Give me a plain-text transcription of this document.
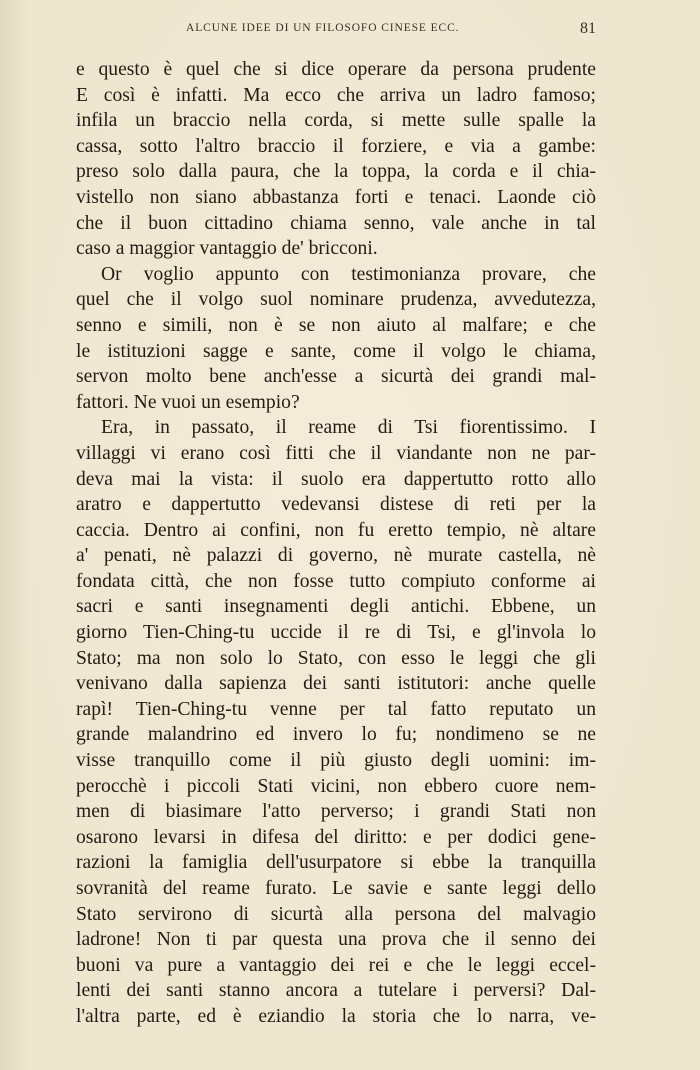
ALCUNE IDEE DI UN FILOSOFO CINESE ECC.	81
e questo è quel che si dice operare da persona prudente
E così è infatti. Ma ecco che arriva un ladro famoso;
infila un braccio nella corda, si mette sulle spalle la
cassa, sotto l'altro braccio il forziere, e via a gambe:
preso solo dalla paura, che la toppa, la corda e il chia-
vistello non siano abbastanza forti e tenaci. Laonde ciò
che il buon cittadino chiama senno, vale anche in tal
caso a maggior vantaggio de' bricconi.
Or voglio appunto con testimonianza provare, che
quel che il volgo suol nominare prudenza, avvedutezza,
senno e simili, non è se non aiuto al malfare; e che
le istituzioni sagge e sante, come il volgo le chiama,
servon molto bene anch'esse a sicurtà dei grandi mal-
fattori. Ne vuoi un esempio?
Era, in passato, il reame di Tsi fiorentissimo. I
villaggi vi erano così fitti che il viandante non ne par-
deva mai la vista: il suolo era dappertutto rotto allo
aratro e dappertutto vedevansi distese di reti per la
caccia. Dentro ai confini, non fu eretto tempio, nè altare
a' penati, nè palazzi di governo, nè murate castella, nè
fondata città, che non fosse tutto compiuto conforme ai
sacri e santi insegnamenti degli antichi. Ebbene, un
giorno Tien-Ching-tu uccide il re di Tsi, e gl'invola lo
Stato; ma non solo lo Stato, con esso le leggi che gli
venivano dalla sapienza dei santi istitutori: anche quelle
rapì! Tien-Ching-tu venne per tal fatto reputato un
grande malandrino ed invero lo fu; nondimeno se ne
visse tranquillo come il più giusto degli uomini: im-
perocchè i piccoli Stati vicini, non ebbero cuore nem-
men di biasimare l'atto perverso; i grandi Stati non
osarono levarsi in difesa del diritto: e per dodici gene-
razioni la famiglia dell'usurpatore si ebbe la tranquilla
sovranità del reame furato. Le savie e sante leggi dello
Stato servirono di sicurtà alla persona del malvagio
ladrone! Non ti par questa una prova che il senno dei
buoni va pure a vantaggio dei rei e che le leggi eccel-
lenti dei santi stanno ancora a tutelare i perversi? Dal-
l'altra parte, ed è eziandio la storia che lo narra, ve-
